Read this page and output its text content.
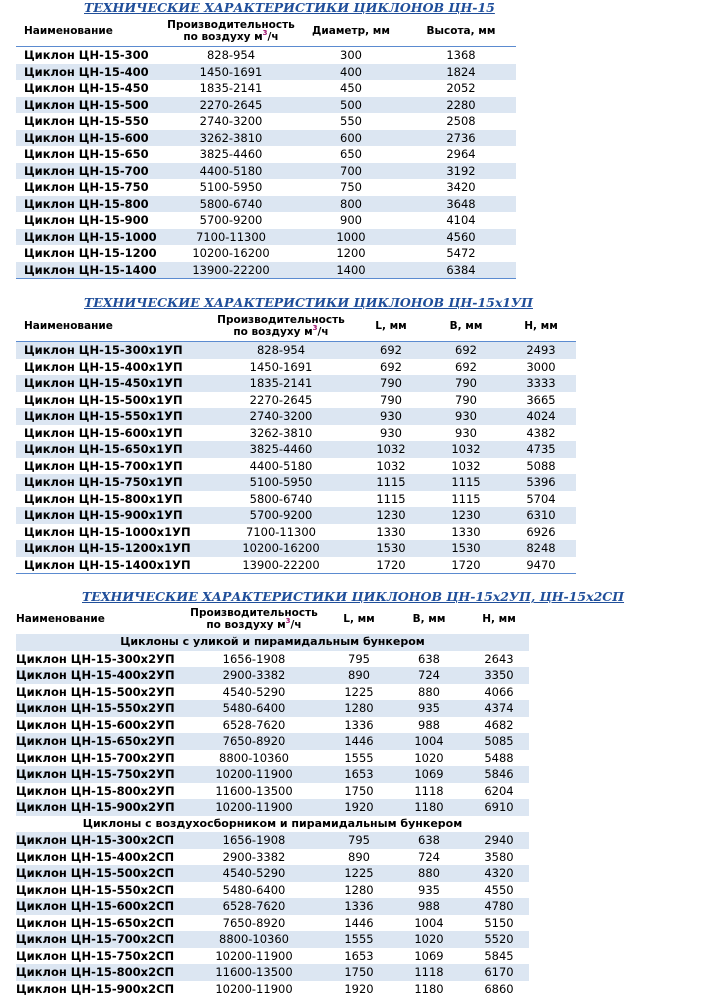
ТЕХНИЧЕСКИЕ ХАРАКТЕРИСТИКИ ЦИКЛОНОВ ЦН-15
Наименование	Производительность
по воздуху $м^3/ч$	Диаметр, мм	Высота, мм
Циклон ЦН-15-300	828-954	300	1368
Циклон ЦН-15-400	1450-1691	400	1824
Циклон ЦН-15-450	1835-2141	450	2052
Циклон ЦН-15-500	2270-2645	500	2280
Циклон ЦН-15-550	2740-3200	550	2508
Циклон ЦН-15-600	3262-3810	600	2736
Циклон ЦН-15-650	3825-4460	650	2964
Циклон ЦН-15-700	4400-5180	700	3192
Циклон ЦН-15-750	5100-5950	750	3420
Циклон ЦН-15-800	5800-6740	800	3648
Циклон ЦН-15-900	5700-9200	900	4104
Циклон ЦН-15-1000	7100-11300	1000	4560
Циклон ЦН-15-1200	10200-16200	1200	5472
Циклон ЦН-15-1400	13900-22200	1400	6384
ТЕХНИЧЕСКИЕ ХАРАКТЕРИСТИКИ ЦИКЛОНОВ ЦН-15х1УП
Наименование	Производительность
по воздуху $м^3/ч$	L, мм	B, мм	H, мм
Циклон ЦН-15-300х1УП	828-954	692	692	2493
Циклон ЦН-15-400х1УП	1450-1691	692	692	3000
Циклон ЦН-15-450х1УП	1835-2141	790	790	3333
Циклон ЦН-15-500х1УП	2270-2645	790	790	3665
Циклон ЦН-15-550х1УП	2740-3200	930	930	4024
Циклон ЦН-15-600х1УП	3262-3810	930	930	4382
Циклон ЦН-15-650х1УП	3825-4460	1032	1032	4735
Циклон ЦН-15-700х1УП	4400-5180	1032	1032	5088
Циклон ЦН-15-750х1УП	5100-5950	1115	1115	5396
Циклон ЦН-15-800х1УП	5800-6740	1115	1115	5704
Циклон ЦН-15-900х1УП	5700-9200	1230	1230	6310
Циклон ЦН-15-1000х1УП	7100-11300	1330	1330	6926
Циклон ЦН-15-1200х1УП	10200-16200	1530	1530	8248
Циклон ЦН-15-1400х1УП	13900-22200	1720	1720	9470
ТЕХНИЧЕСКИЕ ХАРАКТЕРИСТИКИ ЦИКЛОНОВ ЦН-15х2УП, ЦН-15х2СП
Наименование	Производительность
по воздуху $м^3/ч$	L, мм	B, мм	H, мм
Циклоны с уликой и пирамидальным бункером				
Циклон ЦН-15-300х2УП	1656-1908	795	638	2643
Циклон ЦН-15-400х2УП	2900-3382	890	724	3350
Циклон ЦН-15-500х2УП	4540-5290	1225	880	4066
Циклон ЦН-15-550х2УП	5480-6400	1280	935	4374
Циклон ЦН-15-600х2УП	6528-7620	1336	988	4682
Циклон ЦН-15-650х2УП	7650-8920	1446	1004	5085
Циклон ЦН-15-700х2УП	8800-10360	1555	1020	5488
Циклон ЦН-15-750х2УП	10200-11900	1653	1069	5846
Циклон ЦН-15-800х2УП	11600-13500	1750	1118	6204
Циклон ЦН-15-900х2УП	10200-11900	1920	1180	6910
Циклоны с воздухосборником и пирамидальным бункером				
Циклон ЦН-15-300х2СП	1656-1908	795	638	2940
Циклон ЦН-15-400х2СП	2900-3382	890	724	3580
Циклон ЦН-15-500х2СП	4540-5290	1225	880	4320
Циклон ЦН-15-550х2СП	5480-6400	1280	935	4550
Циклон ЦН-15-600х2СП	6528-7620	1336	988	4780
Циклон ЦН-15-650х2СП	7650-8920	1446	1004	5150
Циклон ЦН-15-700х2СП	8800-10360	1555	1020	5520
Циклон ЦН-15-750х2СП	10200-11900	1653	1069	5845
Циклон ЦН-15-800х2СП	11600-13500	1750	1118	6170
Циклон ЦН-15-900х2СП	10200-11900	1920	1180	6860
